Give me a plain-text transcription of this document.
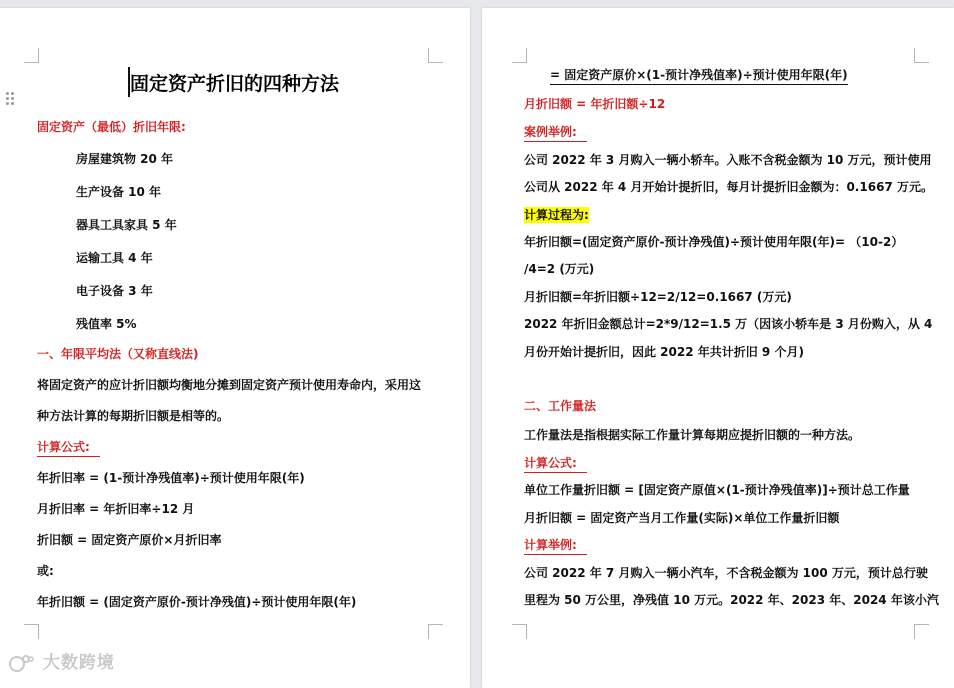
固定资产折旧的四种方法
固定资产（最低）折旧年限:
房屋建筑物 20 年
生产设备 10 年
器具工具家具 5 年
运输工具 4 年
电子设备 3 年
残值率 5%
一、年限平均法（又称直线法)
将固定资产的应计折旧额均衡地分摊到固定资产预计使用寿命内，采用这
种方法计算的每期折旧额是相等的。
计算公式:
年折旧率 = (1-预计净残值率)÷预计使用年限(年)
月折旧率 = 年折旧率÷12 月
折旧额 = 固定资产原价×月折旧率
或:
年折旧额 = (固定资产原价-预计净残值)÷预计使用年限(年)
= 固定资产原价×(1-预计净残值率)÷预计使用年限(年)
月折旧额 = 年折旧额÷12
案例举例:
公司 2022 年 3 月购入一辆小轿车。入账不含税金额为 10 万元，预计使用
公司从 2022 年 4 月开始计提折旧，每月计提折旧金额为：0.1667 万元。
计算过程为:
年折旧额=(固定资产原价-预计净残值)÷预计使用年限(年)= （10-2）
/4=2 (万元)
月折旧额=年折旧额÷12=2/12=0.1667 (万元)
2022 年折旧金额总计=2*9/12=1.5 万（因该小轿车是 3 月份购入，从 4
月份开始计提折旧，因此 2022 年共计折旧 9 个月)
二、工作量法
工作量法是指根据实际工作量计算每期应提折旧额的一种方法。
计算公式:
单位工作量折旧额 = [固定资产原值×(1-预计净残值率)]÷预计总工作量
月折旧额 = 固定资产当月工作量(实际)×单位工作量折旧额
计算举例:
公司 2022 年 7 月购入一辆小汽车，不含税金额为 100 万元，预计总行驶
里程为 50 万公里，净残值 10 万元。2022 年、2023 年、2024 年该小汽
大数跨境
